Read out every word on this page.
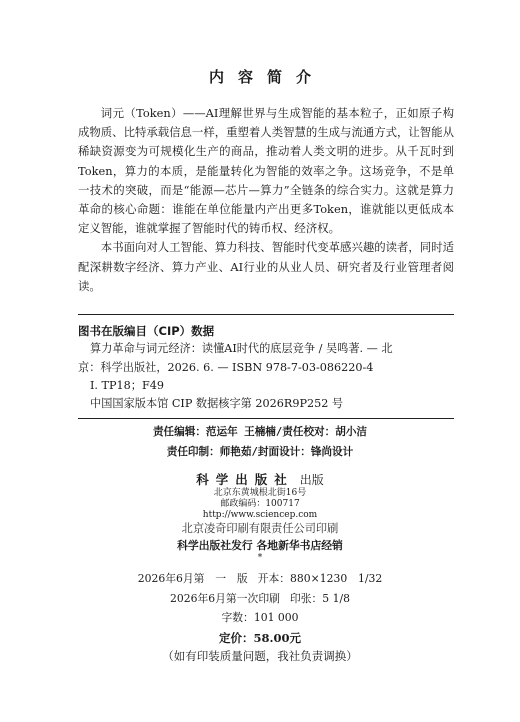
内容简介

词元（Token）——AI理解世界与生成智能的基本粒子，正如原子构成物质、比特承载信息一样，重塑着人类智慧的生成与流通方式，让智能从稀缺资源变为可规模化生产的商品，推动着人类文明的进步。从千瓦时到Token，算力的本质，是能量转化为智能的效率之争。这场竞争，不是单一技术的突破，而是“能源—芯片—算力”全链条的综合实力。这就是算力革命的核心命题：谁能在单位能量内产出更多Token，谁就能以更低成本定义智能，谁就掌握了智能时代的铸币权、经济权。

本书面向对人工智能、算力科技、智能时代变革感兴趣的读者，同时适配深耕数字经济、算力产业、AI行业的从业人员、研究者及行业管理者阅读。

图书在版编目（CIP）数据
算力革命与词元经济：读懂AI时代的底层竞争 / 吴鸣著. — 北
京：科学出版社，2026. 6. — ISBN 978-7-03-086220-4
Ⅰ. TP18；F49
中国国家版本馆 CIP 数据核字第 2026R9P252 号
责任编辑：范运年 王楠楠/责任校对：胡小洁
责任印制：师艳茹/封面设计：锋尚设计
科学出版社 出版
北京东黄城根北街16号
邮政编码：100717
http://www.sciencep.com
北京凌奇印刷有限责任公司印刷
科学出版社发行 各地新华书店经销
*
2026年6月第　一　版 开本：880×1230　1/32
2026年6月第一次印刷 印张：5 1/8
字数：101 000
定价：58.00元
（如有印装质量问题，我社负责调换）
